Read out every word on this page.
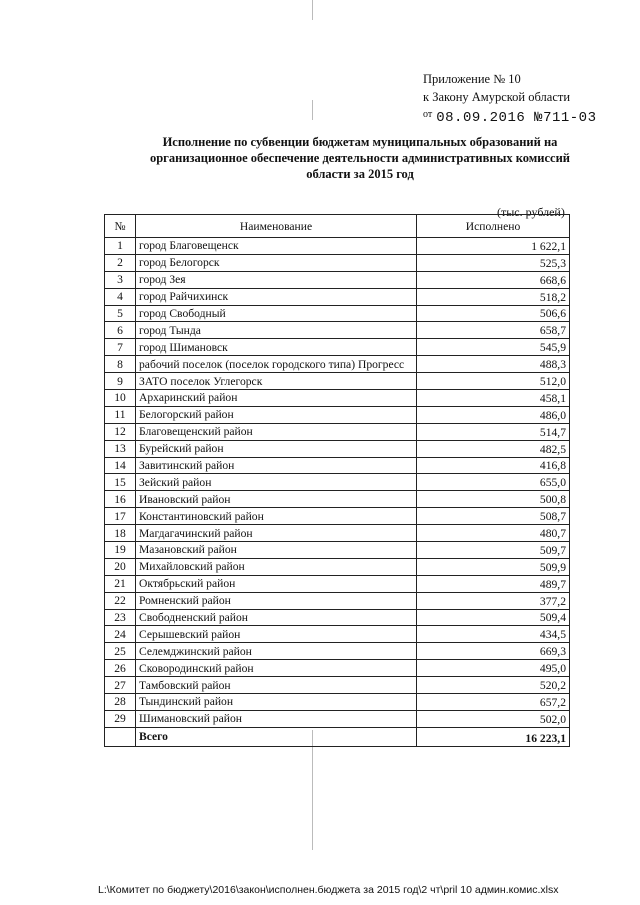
Приложение № 10
к Закону Амурской области
$^{от}$ 08.09.2016 №711-03
Исполнение по субвенции бюджетам муниципальных образований на организационное обеспечение деятельности административных комиссий области за 2015 год
(тыс. рублей)
№	Наименование	Исполнено
1	город Благовещенск	1 622,1
2	город Белогорск	525,3
3	город Зея	668,6
4	город Райчихинск	518,2
5	город Свободный	506,6
6	город Тында	658,7
7	город Шимановск	545,9
8	рабочий поселок (поселок городского типа) Прогресс	488,3
9	ЗАТО поселок Углегорск	512,0
10	Архаринский район	458,1
11	Белогорский район	486,0
12	Благовещенский район	514,7
13	Бурейский район	482,5
14	Завитинский район	416,8
15	Зейский район	655,0
16	Ивановский район	500,8
17	Константиновский район	508,7
18	Магдагачинский район	480,7
19	Мазановский район	509,7
20	Михайловский район	509,9
21	Октябрьский район	489,7
22	Ромненский район	377,2
23	Свободненский район	509,4
24	Серышевский район	434,5
25	Селемджинский район	669,3
26	Сковородинский район	495,0
27	Тамбовский район	520,2
28	Тындинский район	657,2
29	Шимановский район	502,0
	Всего	16 223,1
L:\Комитет по бюджету\2016\закон\исполнен.бюджета за 2015 год\2 чт\pril 10 админ.комис.xlsx
